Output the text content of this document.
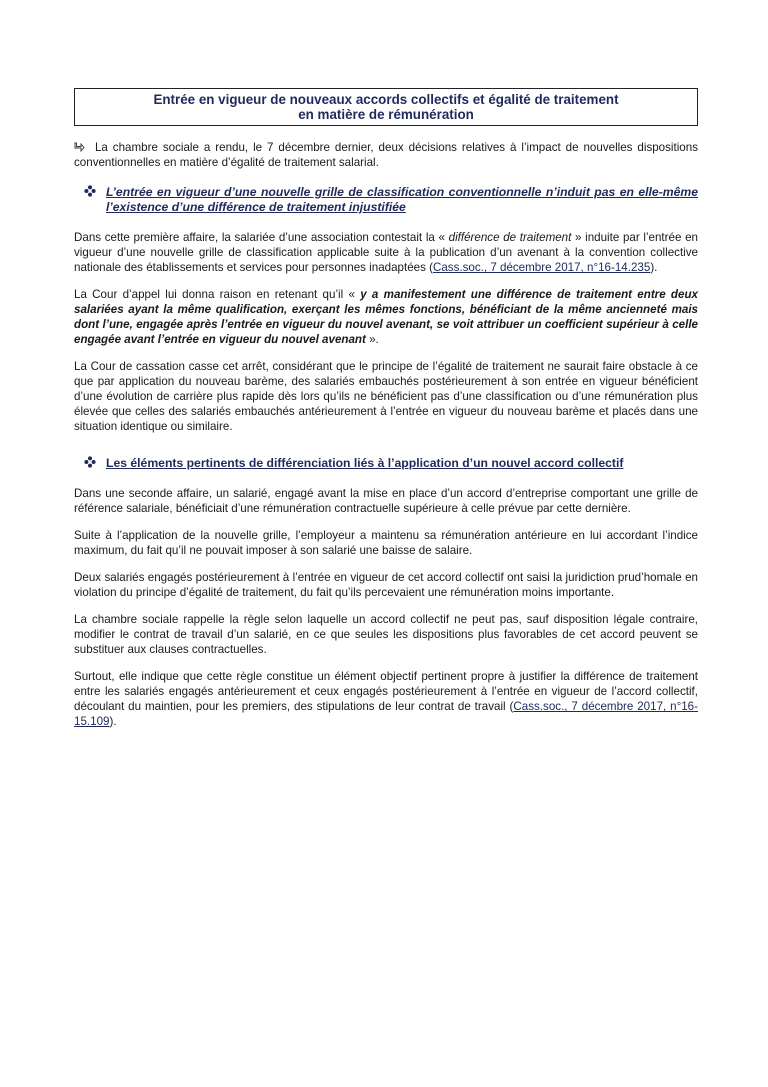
Entrée en vigueur de nouveaux accords collectifs et égalité de traitement
en matière de rémunération

La chambre sociale a rendu, le 7 décembre dernier, deux décisions relatives à l’impact de nouvelles dispositions conventionnelles en matière d’égalité de traitement salarial.

L’entrée en vigueur d’une nouvelle grille de classification conventionnelle n’induit pas en elle-même l’existence d’une différence de traitement injustifiée

Dans cette première affaire, la salariée d’une association contestait la « différence de traitement » induite par l’entrée en vigueur d’une nouvelle grille de classification applicable suite à la publication d’un avenant à la convention collective nationale des établissements et services pour personnes inadaptées (Cass.soc., 7 décembre 2017, n°16-14.235).

La Cour d’appel lui donna raison en retenant qu’il « y a manifestement une différence de traitement entre deux salariées ayant la même qualification, exerçant les mêmes fonctions, bénéficiant de la même ancienneté mais dont l’une, engagée après l’entrée en vigueur du nouvel avenant, se voit attribuer un coefficient supérieur à celle engagée avant l’entrée en vigueur du nouvel avenant ».

La Cour de cassation casse cet arrêt, considérant que le principe de l’égalité de traitement ne saurait faire obstacle à ce que par application du nouveau barème, des salariés embauchés postérieurement à son entrée en vigueur bénéficient d’une évolution de carrière plus rapide dès lors qu’ils ne bénéficient pas d’une classification ou d’une rémunération plus élevée que celles des salariés embauchés antérieurement à l’entrée en vigueur du nouveau barème et placés dans une situation identique ou similaire.

Les éléments pertinents de différenciation liés à l’application d’un nouvel accord collectif

Dans une seconde affaire, un salarié, engagé avant la mise en place d’un accord d’entreprise comportant une grille de référence salariale, bénéficiait d’une rémunération contractuelle supérieure à celle prévue par cette dernière.

Suite à l’application de la nouvelle grille, l’employeur a maintenu sa rémunération antérieure en lui accordant l’indice maximum, du fait qu’il ne pouvait imposer à son salarié une baisse de salaire.

Deux salariés engagés postérieurement à l’entrée en vigueur de cet accord collectif ont saisi la juridiction prud’homale en violation du principe d’égalité de traitement, du fait qu’ils percevaient une rémunération moins importante.

La chambre sociale rappelle la règle selon laquelle un accord collectif ne peut pas, sauf disposition légale contraire, modifier le contrat de travail d’un salarié, en ce que seules les dispositions plus favorables de cet accord peuvent se substituer aux clauses contractuelles.

Surtout, elle indique que cette règle constitue un élément objectif pertinent propre à justifier la différence de traitement entre les salariés engagés antérieurement et ceux engagés postérieurement à l’entrée en vigueur de l’accord collectif, découlant du maintien, pour les premiers, des stipulations de leur contrat de travail (Cass.soc., 7 décembre 2017, n°16-15.109).
